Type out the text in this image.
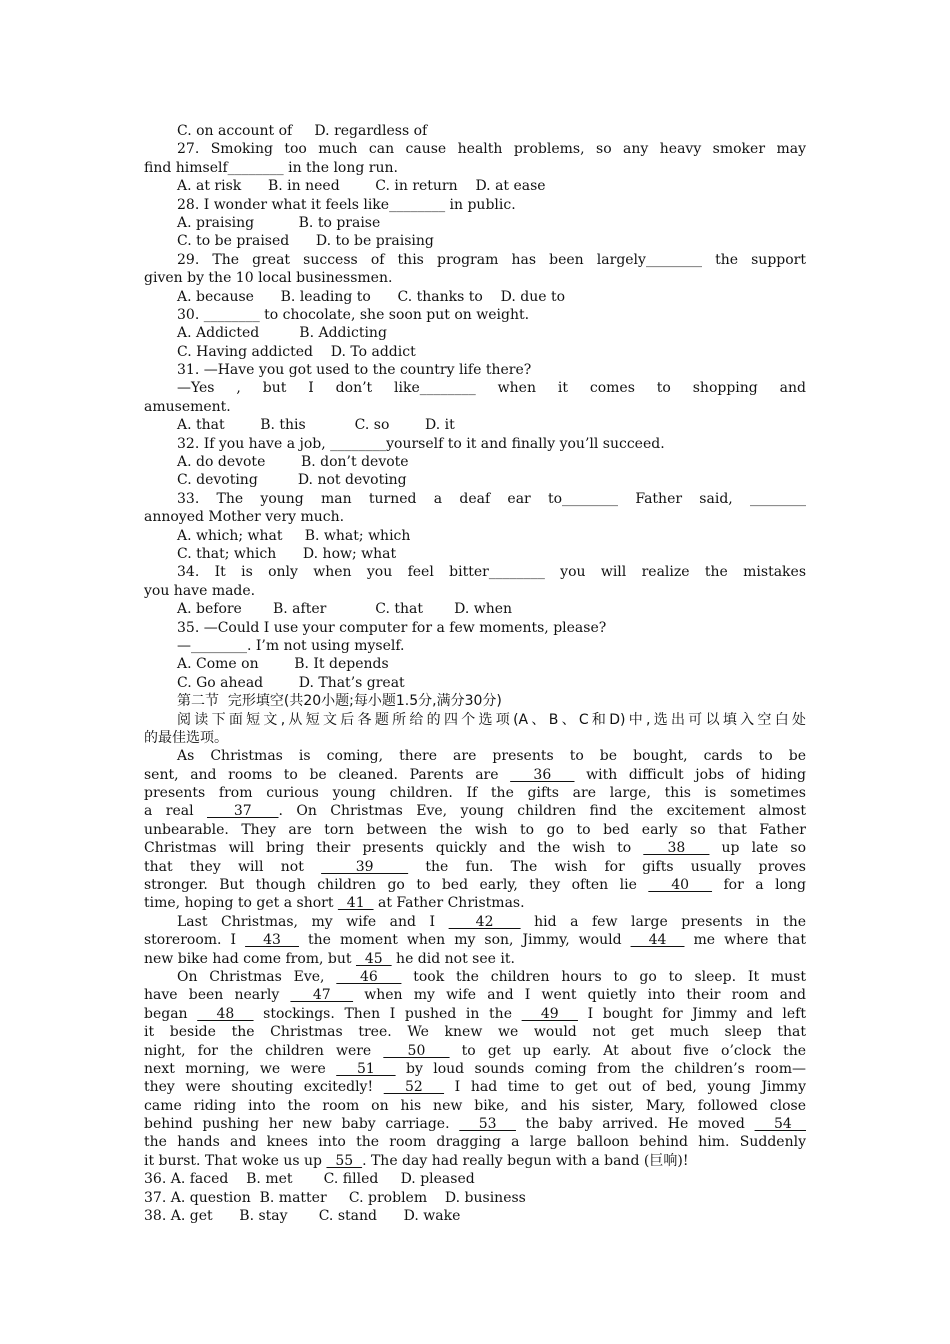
C. on account of     D. regardless of
27. Smoking too much can cause health problems, so any heavy smoker may
find himself________ in the long run.
A. at risk      B. in need        C. in return    D. at ease
28. I wonder what it feels like________ in public.
A. praising          B. to praise
C. to be praised      D. to be praising
29. The great success of this program has been largely________ the support
given by the 10 local businessmen.
A. because      B. leading to      C. thanks to    D. due to
30. ________ to chocolate, she soon put on weight.
A. Addicted         B. Addicting
C. Having addicted    D. To addict
31. —Have you got used to the country life there?
—Yes , but I don’t like________ when it comes to shopping and
amusement.
A. that        B. this           C. so        D. it
32. If you have a job, ________yourself to it and finally you’ll succeed.
A. do devote        B. don’t devote
C. devoting         D. not devoting
33. The young man turned a deaf ear to________ Father said, ________
annoyed Mother very much.
A. which; what     B. what; which
C. that; which      D. how; what
34. It is only when you feel bitter________ you will realize the mistakes
you have made.
A. before       B. after           C. that       D. when
35. —Could I use your computer for a few moments, please?
—________. I’m not using myself.
A. Come on        B. It depends
C. Go ahead        D. That’s great
第二节  完形填空(共20小题;每小题1.5分,满分30分)
阅读下面短文,从短文后各题所给的四个选项(A、B、C和D)中,选出可以填入空白处
的最佳选项。
As Christmas is coming, there are presents to be bought, cards to be
sent, and rooms to be cleaned. Parents are   36   with difficult jobs of hiding
presents from curious young children. If the gifts are large, this is sometimes
a real   37  . On Christmas Eve, young children find the excitement almost
unbearable. They are torn between the wish to go to bed early so that Father
Christmas will bring their presents quickly and the wish to   38   up late so
that they will not   39   the fun. The wish for gifts usually proves
stronger. But though children go to bed early, they often lie   40   for a long
time, hoping to get a short   41   at Father Christmas.
Last Christmas, my wife and I   42   hid a few large presents in the
storeroom. I   43   the moment when my son, Jimmy, would   44   me where that
new bike had come from, but   45   he did not see it.
On Christmas Eve,   46   took the children hours to go to sleep. It must
have been nearly   47   when my wife and I went quietly into their room and
began   48   stockings. Then I pushed in the   49   I bought for Jimmy and left
it beside the Christmas tree. We knew we would not get much sleep that
night, for the children were   50   to get up early. At about five o’clock the
next morning, we were   51   by loud sounds coming from the children’s room—
they were shouting excitedly!   52   I had time to get out of bed, young Jimmy
came riding into the room on his new bike, and his sister, Mary, followed close
behind pushing her new baby carriage.   53   the baby arrived. He moved   54
the hands and knees into the room dragging a large balloon behind him. Suddenly
it burst. That woke us up   55  . The day had really begun with a band (巨响)!
36. A. faced    B. met       C. filled     D. pleased
37. A. question  B. matter     C. problem    D. business
38. A. get      B. stay       C. stand      D. wake
